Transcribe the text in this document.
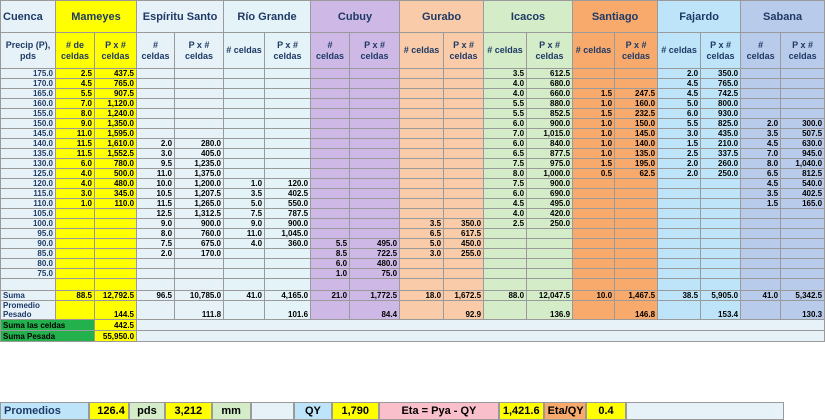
Cuenca	Mameyes		Espíritu Santo		Río Grande		Cubuy		Gurabo		Icacos		Santiago		Fajardo		Sabana	
Precip (P), pds	# de celdas	P x # celdas	# celdas	P x # celdas	# celdas	P x # celdas	# celdas	P x # celdas	# celdas	P x # celdas	# celdas	P x # celdas	# celdas	P x # celdas	# celdas	P x # celdas	# celdas	P x # celdas
175.0	2.5	437.5									3.5	612.5			2.0	350.0		
170.0	4.5	765.0									4.0	680.0			4.5	765.0		
165.0	5.5	907.5									4.0	660.0	1.5	247.5	4.5	742.5		
160.0	7.0	1,120.0									5.5	880.0	1.0	160.0	5.0	800.0		
155.0	8.0	1,240.0									5.5	852.5	1.5	232.5	6.0	930.0		
150.0	9.0	1,350.0									6.0	900.0	1.0	150.0	5.5	825.0	2.0	300.0
145.0	11.0	1,595.0									7.0	1,015.0	1.0	145.0	3.0	435.0	3.5	507.5
140.0	11.5	1,610.0	2.0	280.0							6.0	840.0	1.0	140.0	1.5	210.0	4.5	630.0
135.0	11.5	1,552.5	3.0	405.0							6.5	877.5	1.0	135.0	2.5	337.5	7.0	945.0
130.0	6.0	780.0	9.5	1,235.0							7.5	975.0	1.5	195.0	2.0	260.0	8.0	1,040.0
125.0	4.0	500.0	11.0	1,375.0							8.0	1,000.0	0.5	62.5	2.0	250.0	6.5	812.5
120.0	4.0	480.0	10.0	1,200.0	1.0	120.0					7.5	900.0					4.5	540.0
115.0	3.0	345.0	10.5	1,207.5	3.5	402.5					6.0	690.0					3.5	402.5
110.0	1.0	110.0	11.5	1,265.0	5.0	550.0					4.5	495.0					1.5	165.0
105.0			12.5	1,312.5	7.5	787.5					4.0	420.0						
100.0			9.0	900.0	9.0	900.0			3.5	350.0	2.5	250.0						
95.0			8.0	760.0	11.0	1,045.0			6.5	617.5								
90.0			7.5	675.0	4.0	360.0	5.5	495.0	5.0	450.0								
85.0			2.0	170.0			8.5	722.5	3.0	255.0								
80.0							6.0	480.0										
75.0							1.0	75.0										

Suma	88.5	12,792.5	96.5	10,785.0	41.0	4,165.0	21.0	1,772.5	18.0	1,672.5	88.0	12,047.5	10.0	1,467.5	38.5	5,905.0	41.0	5,342.5
Promedio Pesado		144.5		111.8		101.6		84.4		92.9		136.9		146.8		153.4		130.3
Suma las celdas		442.5																
Suma Pesada		55,950.0																
Promedios	126.4	pds	3,212	mm	QY	1,790	Eta = Pya - QY	1,421.6 Eta/QY	0.4
